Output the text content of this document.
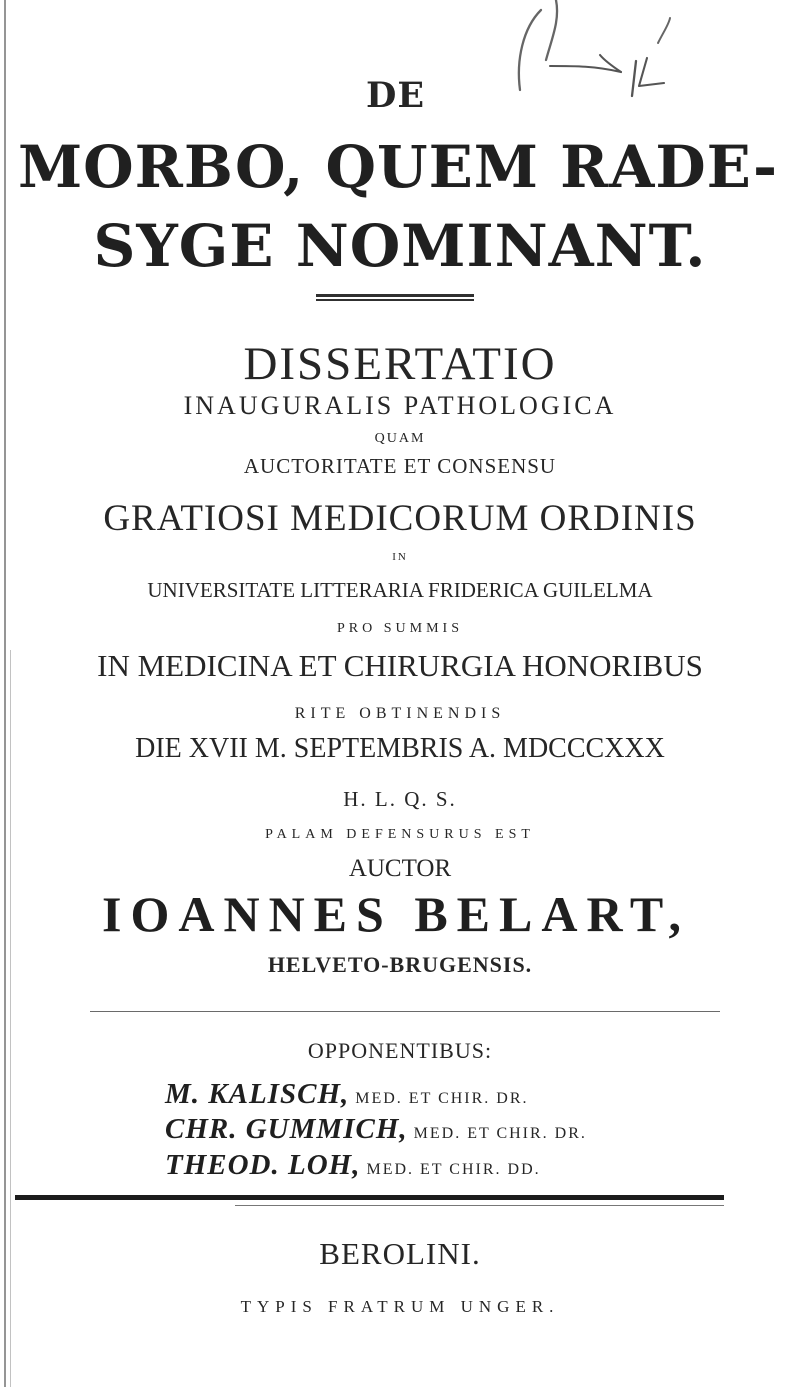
DE
MORBO, QUEM RADE-
SYGE NOMINANT.
DISSERTATIO
INAUGURALIS PATHOLOGICA
QUAM
AUCTORITATE ET CONSENSU
GRATIOSI MEDICORUM ORDINIS
IN
UNIVERSITATE LITTERARIA FRIDERICA GUILELMA
PRO SUMMIS
IN MEDICINA ET CHIRURGIA HONORIBUS
RITE OBTINENDIS
DIE XVII M. SEPTEMBRIS A. MDCCCXXX
H. L. Q. S.
PALAM DEFENSURUS EST
AUCTOR
IOANNES BELART,
HELVETO-BRUGENSIS.
OPPONENTIBUS:
M. KALISCH, MED. ET CHIR. DR.
CHR. GUMMICH, MED. ET CHIR. DR.
THEOD. LOH, MED. ET CHIR. DD.
BEROLINI.
TYPIS FRATRUM UNGER.
